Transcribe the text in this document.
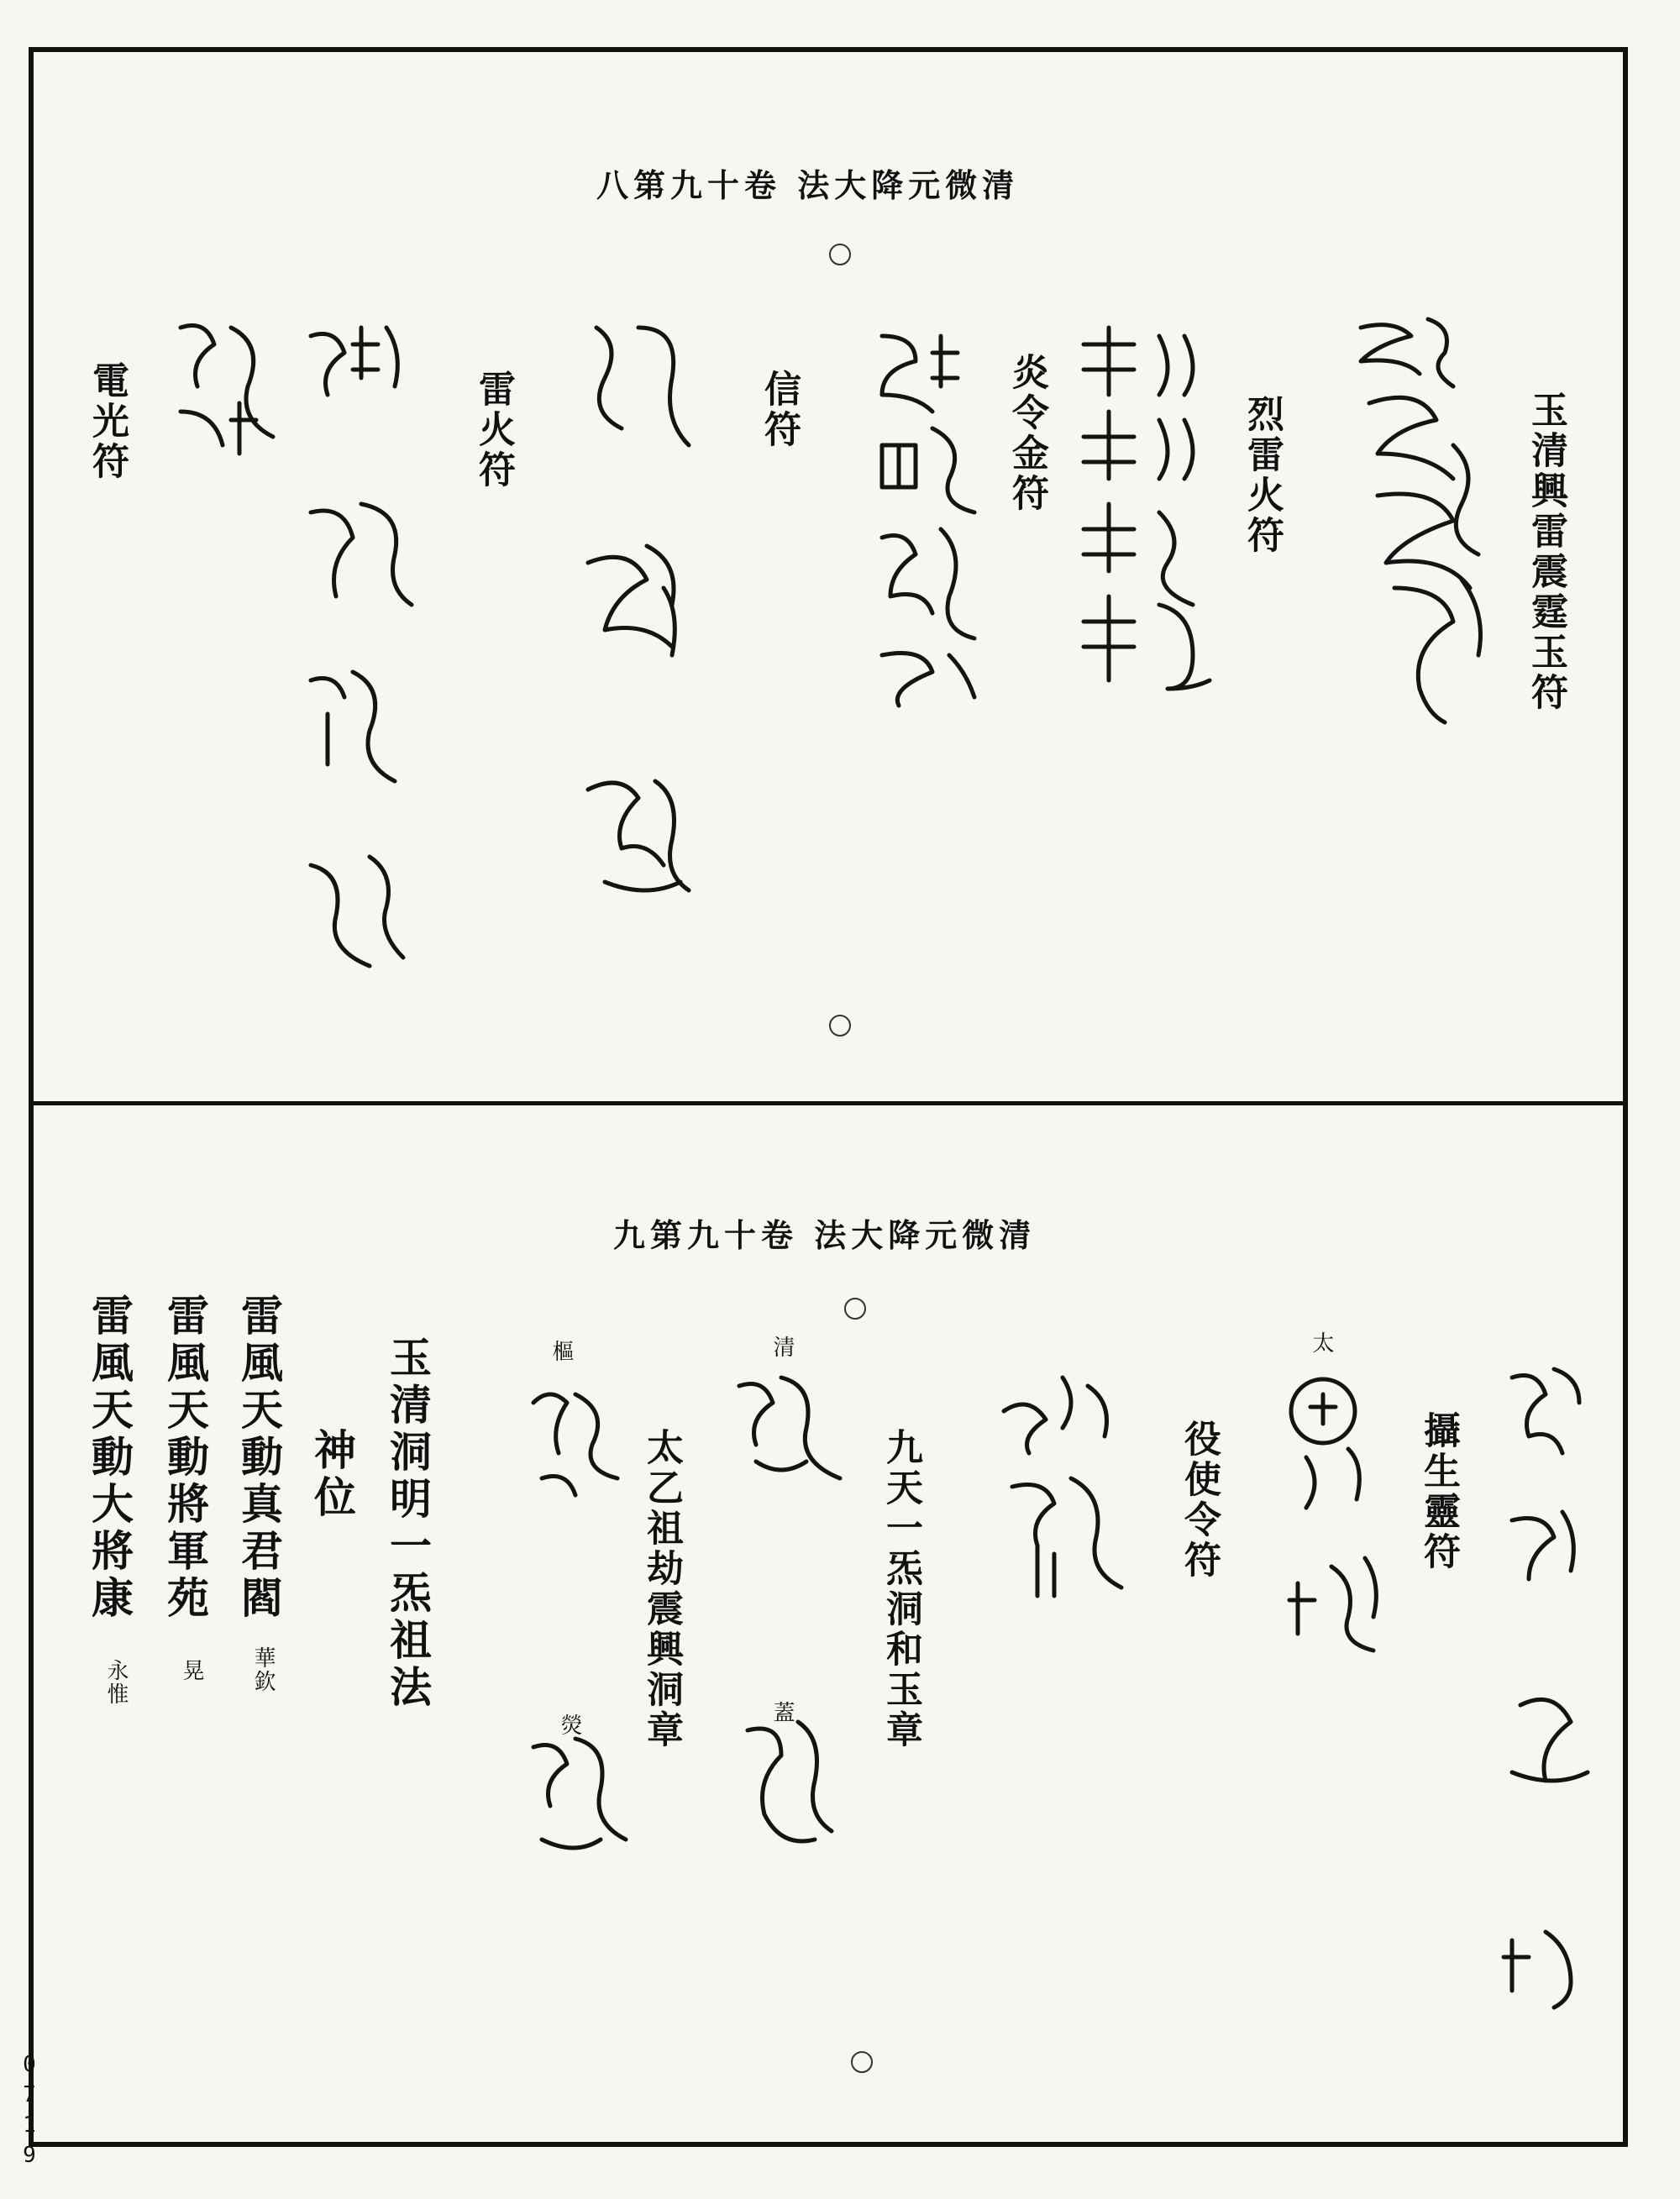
0719
八第九十卷 法大降元微清
玉清興雷震霆玉符
烈雷火符
炎令金符
信符
雷火符
電光符
九第九十卷 法大降元微清
攝生靈符
役使令符
九天一炁洞和玉章
太乙祖劫震興洞章
玉清洞明一炁祖法
神位
雷風天動真君閻
雷風天動將軍苑
雷風天動大將康	太
清
樞
蓋
熒
華欽
晃
永惟
